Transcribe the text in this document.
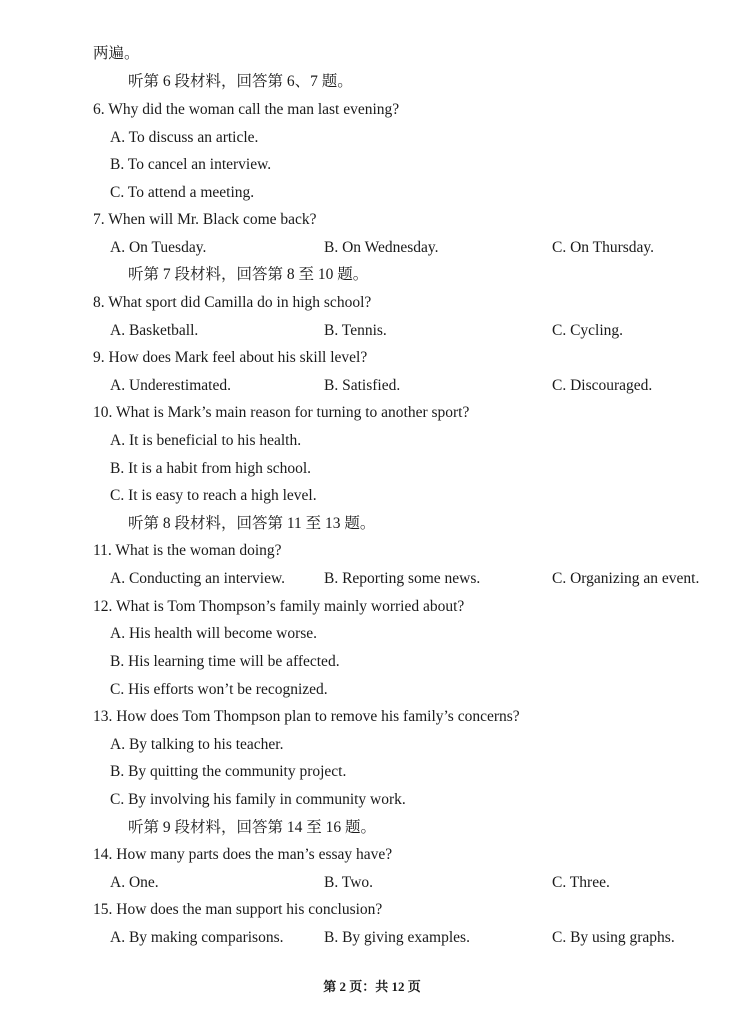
两遍。
听第 6 段材料，回答第 6、7 题。
6. Why did the woman call the man last evening?
A. To discuss an article.
B. To cancel an interview.
C. To attend a meeting.
7. When will Mr. Black come back?
A. On Tuesday.	B. On Wednesday.	C. On Thursday.
听第 7 段材料，回答第 8 至 10 题。
8. What sport did Camilla do in high school?
A. Basketball.	B. Tennis.	C. Cycling.
9. How does Mark feel about his skill level?
A. Underestimated.	B. Satisfied.	C. Discouraged.
10. What is Mark’s main reason for turning to another sport?
A. It is beneficial to his health.
B. It is a habit from high school.
C. It is easy to reach a high level.
听第 8 段材料，回答第 11 至 13 题。
11. What is the woman doing?
A. Conducting an interview.	B. Reporting some news.	C. Organizing an event.
12. What is Tom Thompson’s family mainly worried about?
A. His health will become worse.
B. His learning time will be affected.
C. His efforts won’t be recognized.
13. How does Tom Thompson plan to remove his family’s concerns?
A. By talking to his teacher.
B. By quitting the community project.
C. By involving his family in community work.
听第 9 段材料，回答第 14 至 16 题。
14. How many parts does the man’s essay have?
A. One.	B. Two.	C. Three.
15. How does the man support his conclusion?
A. By making comparisons.	B. By giving examples.	C. By using graphs.
第 2 页：共 12 页
